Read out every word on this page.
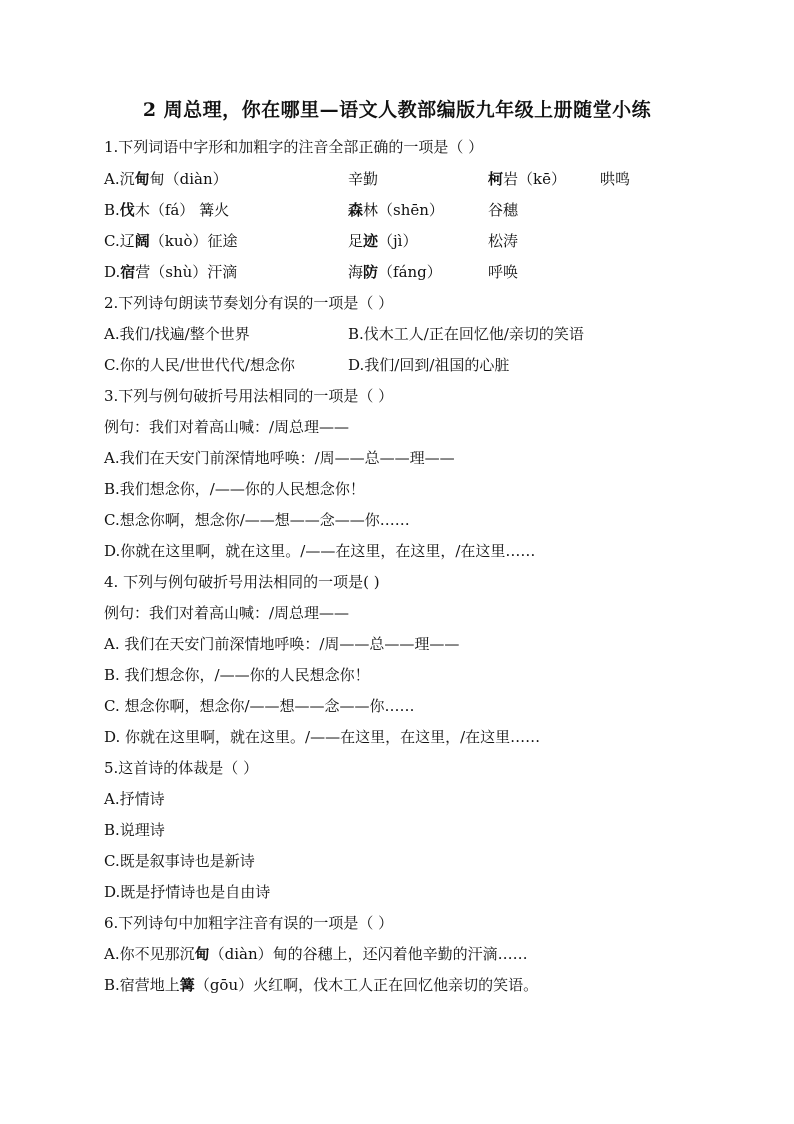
2 周总理，你在哪里—语文人教部编版九年级上册随堂小练
1.下列词语中字形和加粗字的注音全部正确的一项是（ ）
A.沉甸甸（diàn）	辛勤	柯岩（kē） 哄鸣
B.伐木（fá） 篝火	森林（shēn）	谷穗
C.辽阔（kuò）征途	足迹（jì）	松涛
D.宿营（shù）汗滴	海防（fáng）	呼唤
2.下列诗句朗读节奏划分有误的一项是（ ）
A.我们/找遍/整个世界	B.伐木工人/正在回忆他/亲切的笑语
C.你的人民/世世代代/想念你	D.我们/回到/祖国的心脏
3.下列与例句破折号用法相同的一项是（ ）
例句：我们对着高山喊：/周总理——
A.我们在天安门前深情地呼唤：/周——总——理——
B.我们想念你，/——你的人民想念你！
C.想念你啊，想念你/——想——念——你……
D.你就在这里啊，就在这里。/——在这里，在这里，/在这里……
4. 下列与例句破折号用法相同的一项是( )
例句：我们对着高山喊：/周总理——
A. 我们在天安门前深情地呼唤：/周——总——理——
B. 我们想念你，/——你的人民想念你！
C. 想念你啊，想念你/——想——念——你……
D. 你就在这里啊，就在这里。/——在这里，在这里，/在这里……
5.这首诗的体裁是（ ）
A.抒情诗
B.说理诗
C.既是叙事诗也是新诗
D.既是抒情诗也是自由诗
6.下列诗句中加粗字注音有误的一项是（ ）
A.你不见那沉甸（diàn）甸的谷穗上，还闪着他辛勤的汗滴……
B.宿营地上篝（gōu）火红啊，伐木工人正在回忆他亲切的笑语。
